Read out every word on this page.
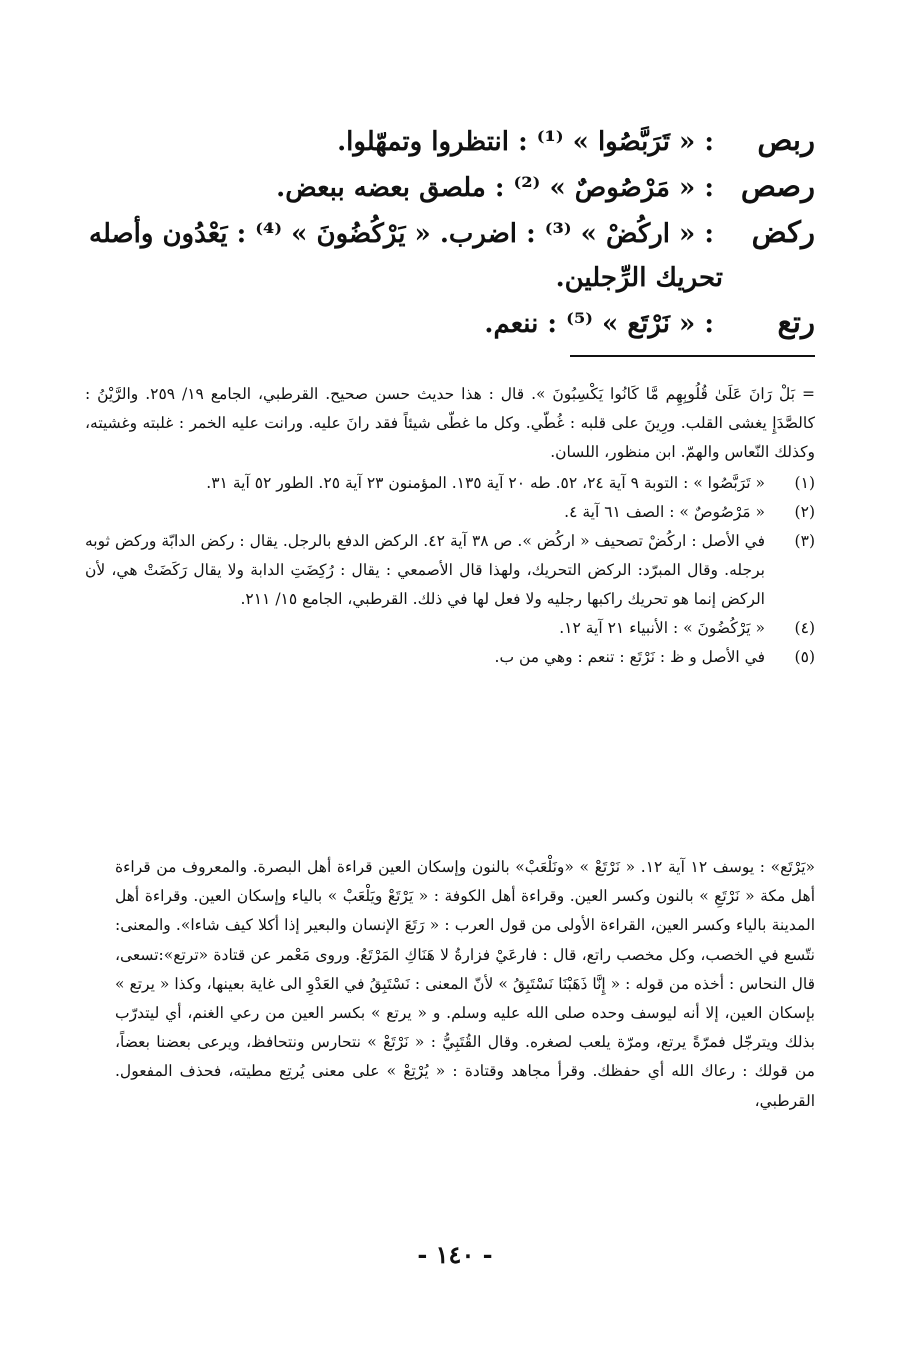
ربص : « تَرَبَّصُوا » ⁽¹⁾ : انتظروا وتمهّلوا.
رصص : « مَرْصُوصٌ » ⁽²⁾ : ملصق بعضه ببعض.
ركض : « اركُضْ » ⁽³⁾ : اضرب. « يَرْكُضُونَ » ⁽⁴⁾ : يَعْدُون وأصله
تحريك الرِّجلين.
رتع : « نَرْتَع » ⁽⁵⁾ : ننعم.

= بَلْ رَانَ عَلَىٰ قُلُوبِهِم مَّا كَانُوا يَكْسِبُونَ ». قال : هذا حديث حسن صحيح. القرطبي، الجامع ١٩/ ٢٥٩. والرَّيْنُ : كالصَّدَإِ يغشى القلب. ورِينَ على قلبه : غُطّي. وكل ما غطّى شيئاً فقد رانَ عليه. ورانت عليه الخمر : غلبته وغشيته، وكذلك النّعاس والهمّ. ابن منظور، اللسان.

(١)

« تَرَبَّصُوا » : التوبة ٩ آية ٢٤، ٥٢. طه ٢٠ آية ١٣٥. المؤمنون ٢٣ آية ٢٥. الطور ٥٢ آية ٣١.

(٢)

« مَرْصُوصٌ » : الصف ٦١ آية ٤.

(٣)

في الأصل : اركُضْ تصحيف « اركُض ». ص ٣٨ آية ٤٢. الركض الدفع بالرجل. يقال : ركض الدابّة وركض ثوبه برجله. وقال المبرّد: الركض التحريك، ولهذا قال الأصمعي : يقال : رُكِضَتِ الدابة ولا يقال رَكَضَتْ هي، لأن الركض إنما هو تحريك راكبها رجليه ولا فعل لها في ذلك. القرطبي، الجامع ١٥/ ٢١١.

(٤)

« يَرْكُضُونَ » : الأنبياء ٢١ آية ١٢.

(٥)

في الأصل و ظ : نَرْتَع : تنعم : وهي من ب.

«يَرْتَع» : يوسف ١٢ آية ١٢. « نَرْتَعْ » «ونَلْعَبْ» بالنون وإسكان العين قراءة أهل البصرة. والمعروف من قراءة أهل مكة « نَرْتَعِ » بالنون وكسر العين. وقراءة أهل الكوفة : « يَرْتَعْ ويَلْعَبْ » بالياء وإسكان العين. وقراءة أهل المدينة بالياء وكسر العين، القراءة الأولى من قول العرب : « رَتَعَ الإنسان والبعير إذا أكلا كيف شاءا». والمعنى: نتّسع في الخصب، وكل مخصب راتع، قال : فارعَيْ فزارةُ لا هَنَاكِ المَرْتَعُ. وروى مَعْمر عن قتادة «ترتع»:تسعى، قال النحاس : أخذه من قوله : « إِنَّا ذَهَبْنَا نَسْتَبِقُ » لأنّ المعنى : نَسْتَبِقُ في العَدْوِ الى غاية بعينها، وكذا « يرتع » بإسكان العين، إلا أنه ليوسف وحده صلى الله عليه وسلم. و « يرتع » بكسر العين من رعي الغنم، أي ليتدرّب بذلك ويترجّل فمرّةً يرتع، ومرّة يلعب لصغره. وقال القُتَبِيُّ : « نَرْتَعْ » نتحارس ونتحافظ، ويرعى بعضنا بعضاً، من قولك : رعاك الله أي حفظك. وقرأ مجاهد وقتادة : « يُرْتِعْ » على معنى يُرتِع مطيته، فحذف المفعول. القرطبي،
- ١٤٠ -
